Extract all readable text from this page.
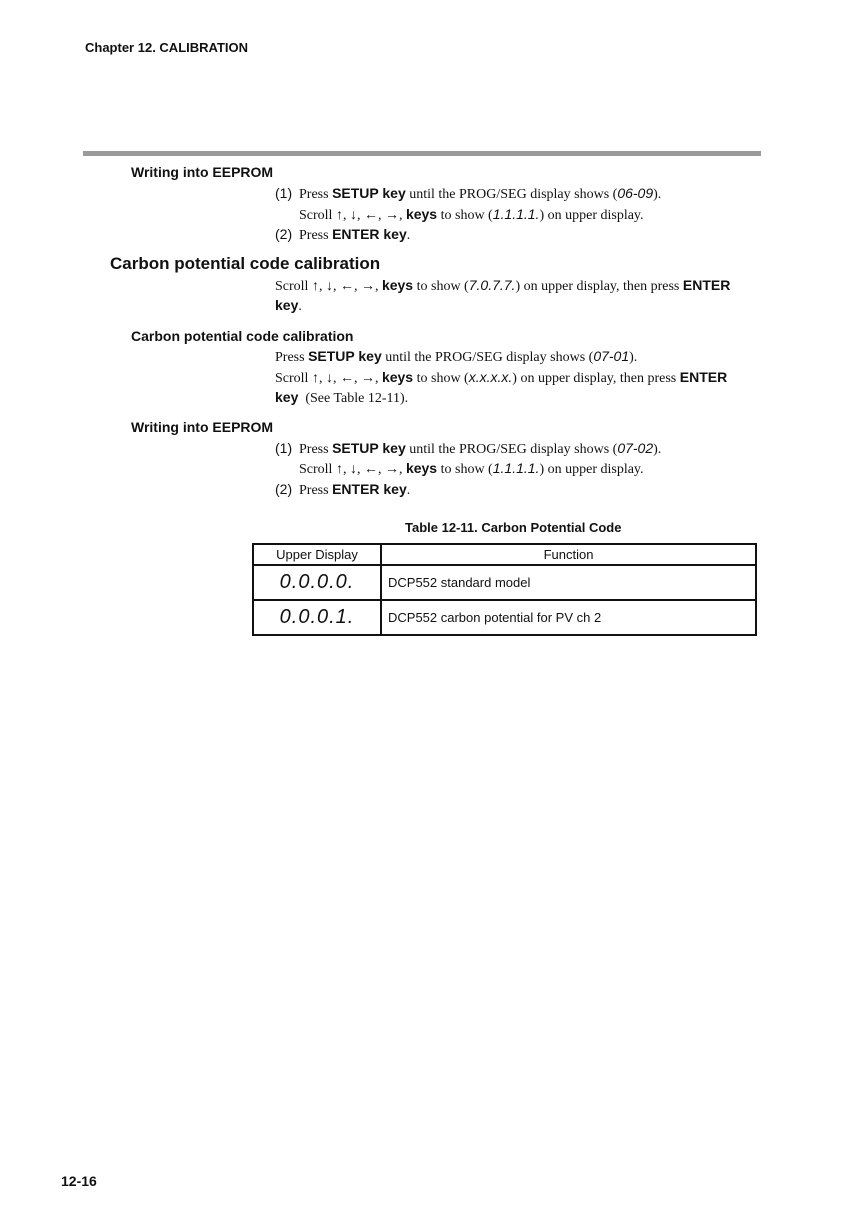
Chapter 12. CALIBRATION
Writing into EEPROM
(1) Press SETUP key until the PROG/SEG display shows (06-09).
Scroll ↑, ↓, ←, →, keys to show (1.1.1.1.) on upper display.
(2) Press ENTER key.
Carbon potential code calibration
Scroll ↑, ↓, ←, →, keys to show (7.0.7.7.) on upper display, then press ENTER
key.
Carbon potential code calibration
Press SETUP key until the PROG/SEG display shows (07-01).
Scroll ↑, ↓, ←, →, keys to show (x.x.x.x.) on upper display, then press ENTER
key  (See Table 12-11).
Writing into EEPROM
(1) Press SETUP key until the PROG/SEG display shows (07-02).
Scroll ↑, ↓, ←, →, keys to show (1.1.1.1.) on upper display.
(2) Press ENTER key.
Table 12-11. Carbon Potential Code
Upper Display	Function
0.0.0.0.	DCP552 standard model
0.0.0.1.	DCP552 carbon potential for PV ch 2
12-16
